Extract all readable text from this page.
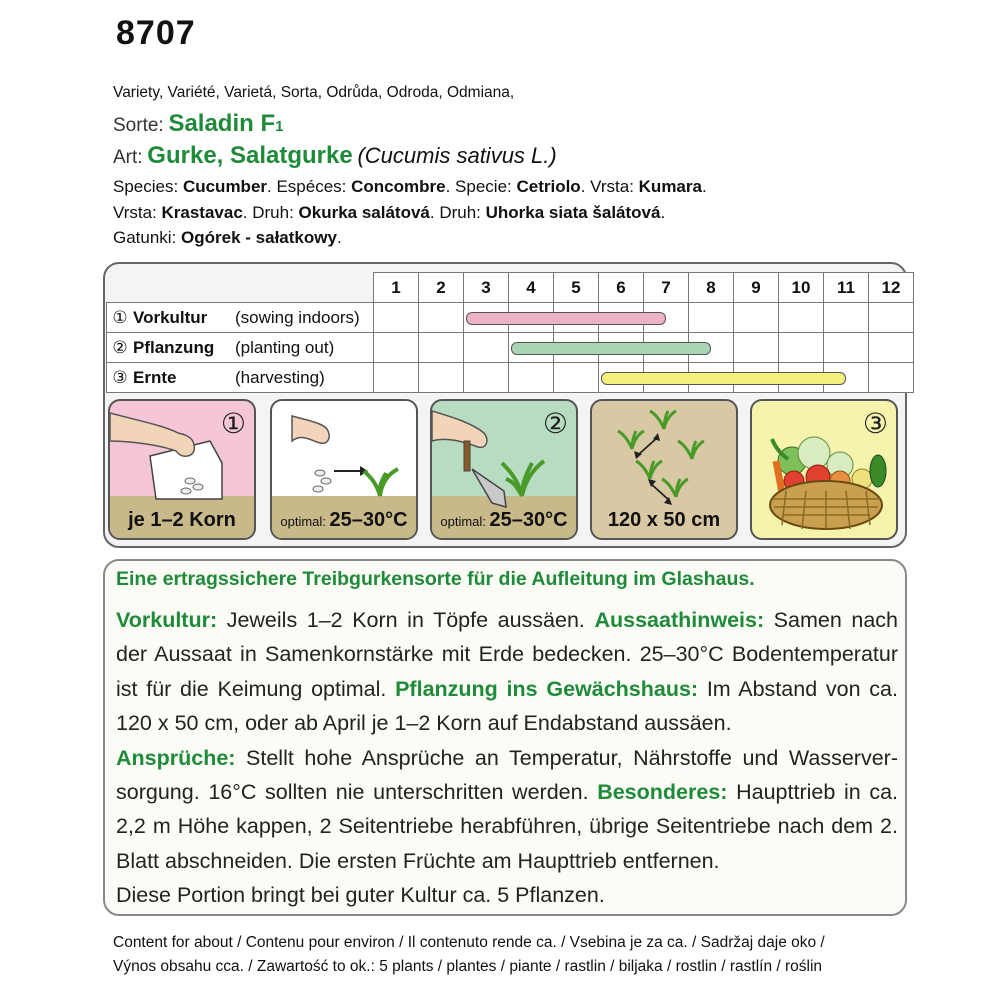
8707
Variety, Variété, Varietá, Sorta, Odrůda, Odroda, Odmiana,
Sorte: Saladin F1
Art: Gurke, Salatgurke (Cucumis sativus L.)
Species: Cucumber. Espéces: Concombre. Specie: Cetriolo. Vrsta: Kumara.
Vrsta: Krastavac. Druh: Okurka salátová. Druh: Uhorka siata šalátová.
Gatunki: Ogórek - sałatkowy.
	1	2	3	4	5	6	7	8	9	10	11	12
① Vorkultur (sowing indoors)												
② Pflanzung (planting out)												
③ Ernte (harvesting)												
①
je 1–2 Korn	optimal: 25–30°C
②
optimal: 25–30°C	120 x 50 cm
③
Eine ertragssichere Treibgurkensorte für die Aufleitung im Glashaus.
Vorkultur: Jeweils 1–2 Korn in Töpfe aussäen. Aussaathinweis: Samen nach der Aussaat in Samenkornstärke mit Erde bedecken. 25–30°C Bodentemperatur ist für die Keimung optimal. Pflanzung ins Gewächshaus: Im Abstand von ca. 120 x 50 cm, oder ab April je 1–2 Korn auf Endabstand aussäen.
Ansprüche: Stellt hohe Ansprüche an Temperatur, Nährstoffe und Wasserver-sorgung. 16°C sollten nie unterschritten werden. Besonderes: Haupttrieb in ca. 2,2 m Höhe kappen, 2 Seitentriebe herabführen, übrige Seitentriebe nach dem 2. Blatt abschneiden. Die ersten Früchte am Haupttrieb entfernen.
Diese Portion bringt bei guter Kultur ca. 5 Pflanzen.
Content for about / Contenu pour environ / Il contenuto rende ca. / Vsebina je za ca. / Sadržaj daje oko /
Výnos obsahu cca. / Zawartość to ok.: 5 plants / plantes / piante / rastlin / biljaka / rostlin / rastlín / roślin
